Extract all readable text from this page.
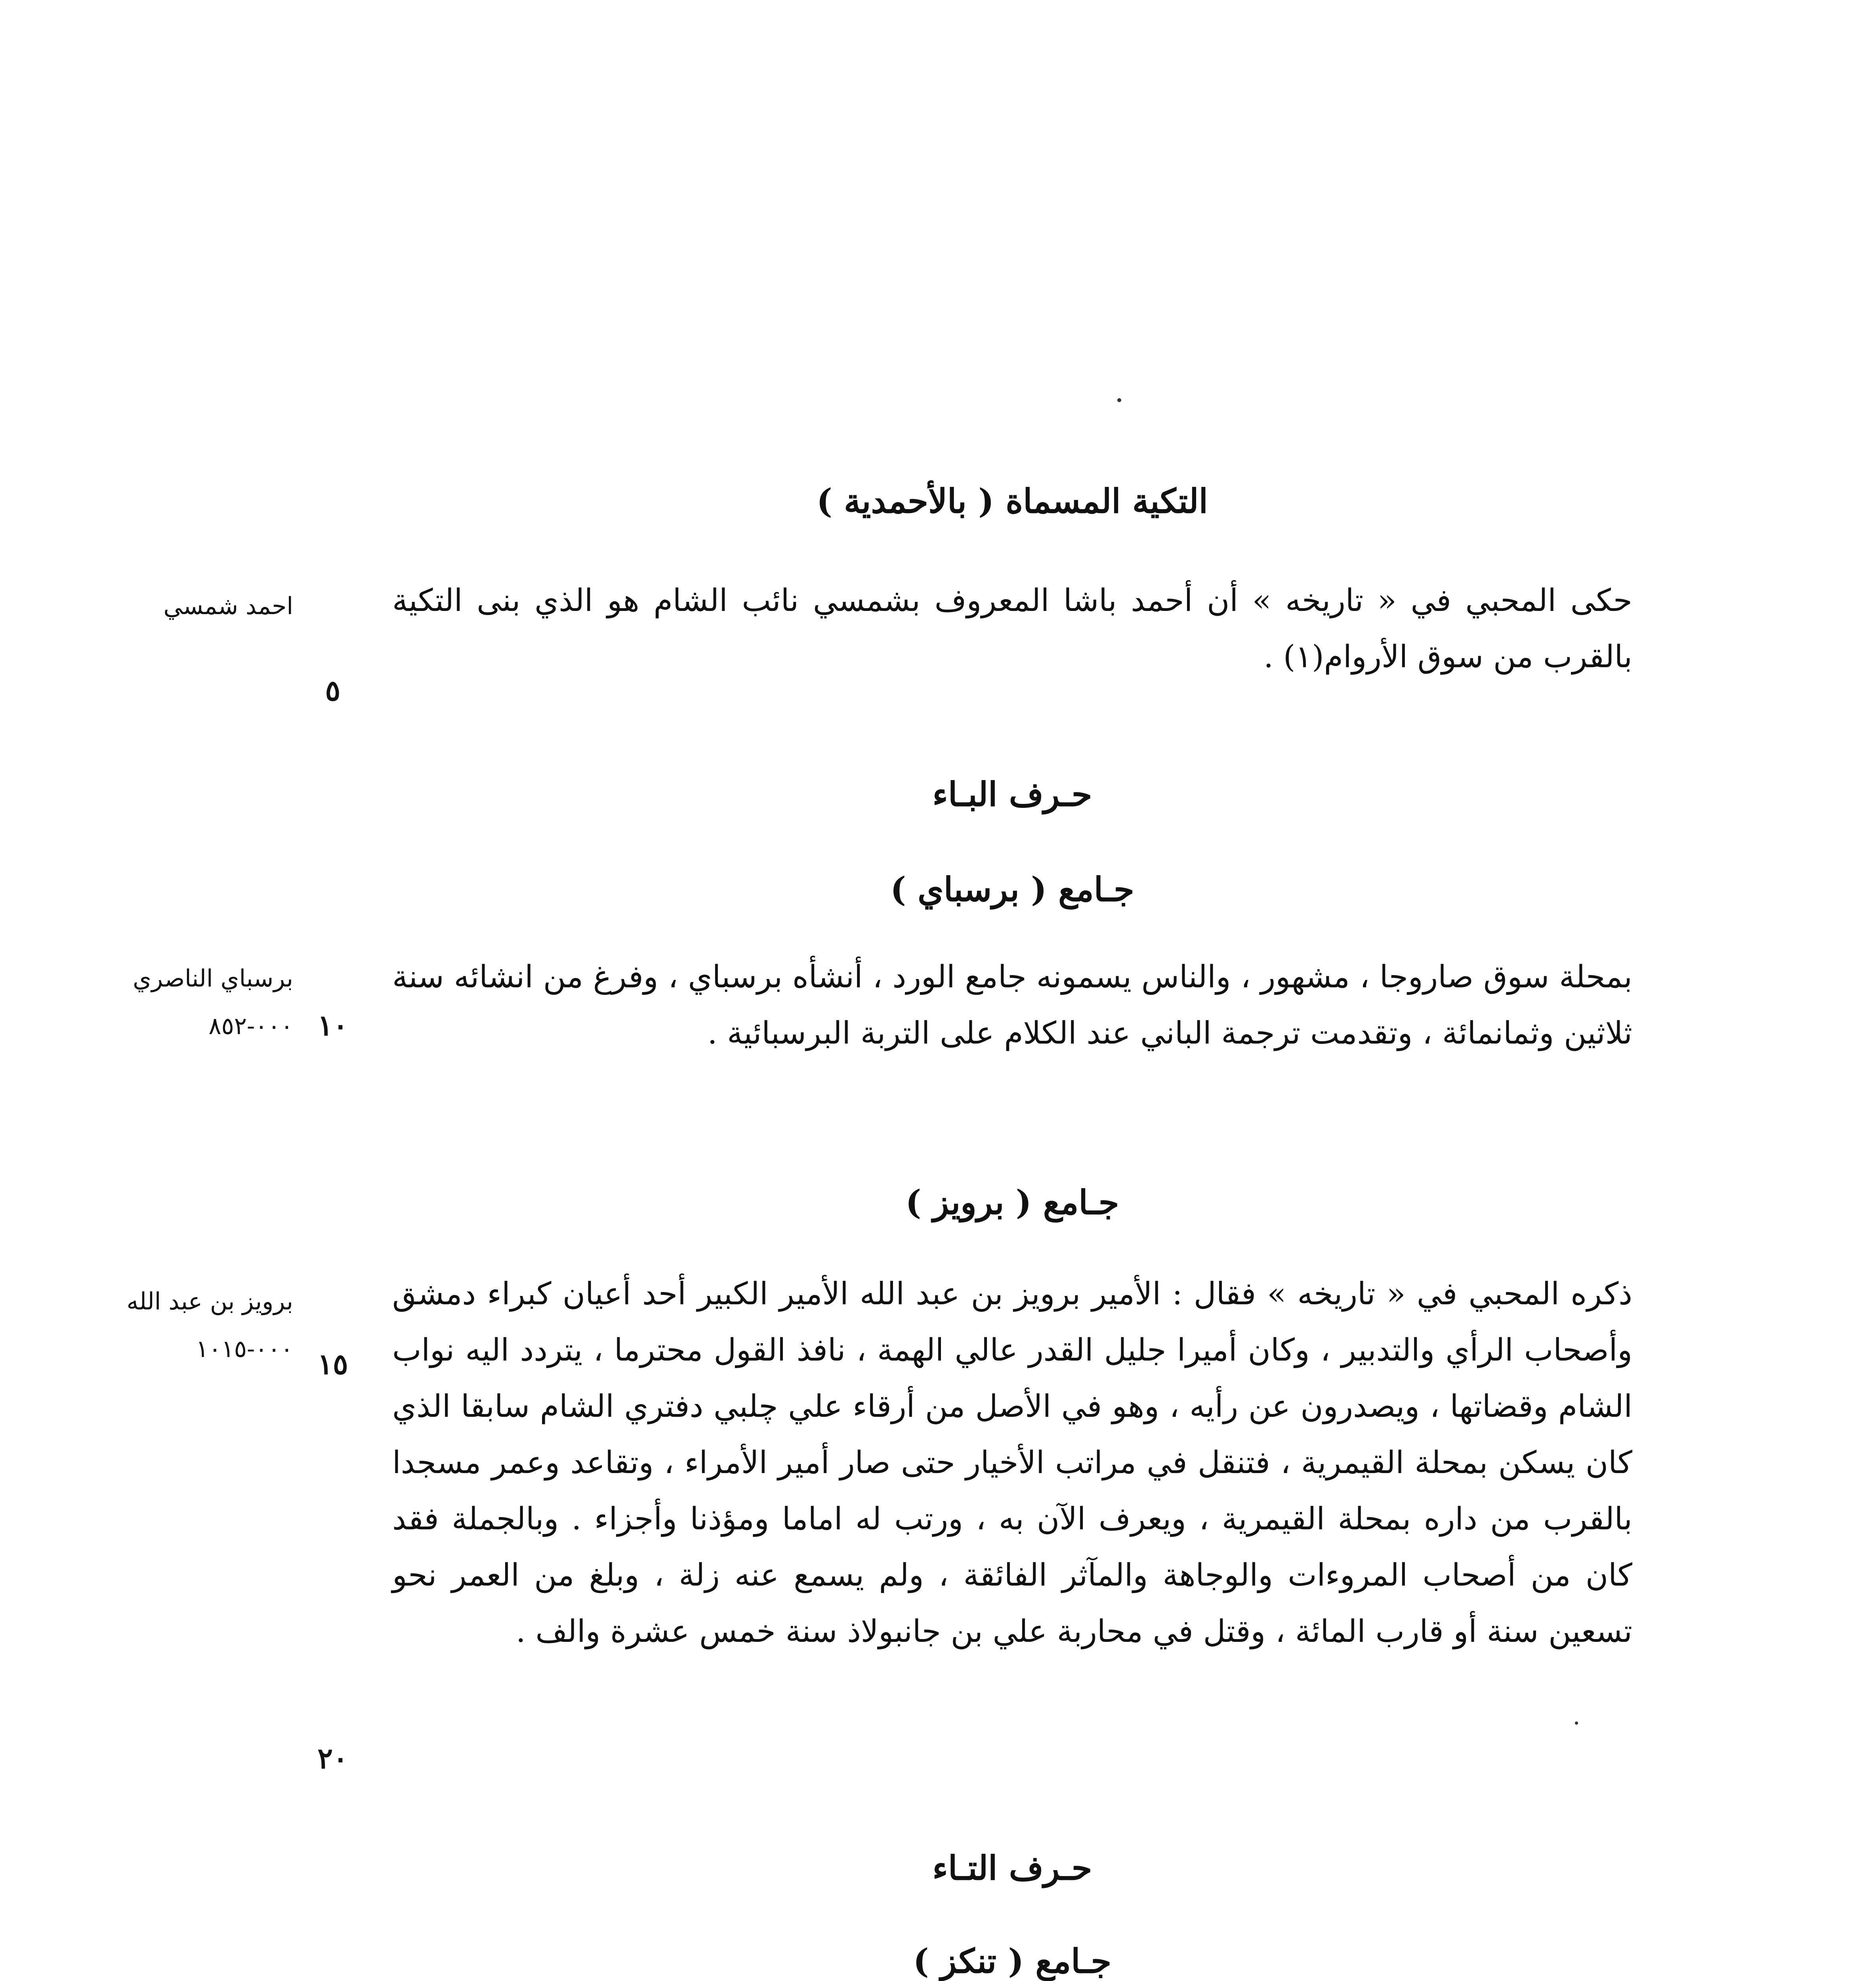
التكية المسماة ( بالأحمدية )
احمد شمسي	حكى المحبي في « تاريخه » أن أحمد باشا المعروف بشمسي نائب الشام هو الذي بنى التكية بالقرب من سوق الأروام(١) .
٥
حـرف البـاء
جـامع ( برسباي )
برسباي الناصري
٠٠٠-٨٥٢
بمحلة سوق صاروجا ، مشهور ، والناس يسمونه جامع الورد ، أنشأه برسباي ، وفرغ من انشائه سنة ثلاثين وثمانمائة ، وتقدمت ترجمة الباني عند الكلام على التربة البرسبائية .
١٠
جـامع ( برويز )
برويز بن عبد الله
٠٠٠-١٠١٥
ذكره المحبي في « تاريخه » فقال : الأمير برويز بن عبد الله الأمير الكبير أحد أعيان كبراء دمشق وأصحاب الرأي والتدبير ، وكان أميرا جليل القدر عالي الهمة ، نافذ القول محترما ، يتردد اليه نواب الشام وقضاتها ، ويصدرون عن رأيه ، وهو في الأصل من أرقاء علي چلبي دفتري الشام سابقا الذي كان يسكن بمحلة القيمرية ، فتنقل في مراتب الأخيار حتى صار أمير الأمراء ، وتقاعد وعمر مسجدا بالقرب من داره بمحلة القيمرية ، ويعرف الآن به ، ورتب له اماما ومؤذنا وأجزاء . وبالجملة فقد كان من أصحاب المروءات والوجاهة والمآثر الفائقة ، ولم يسمع عنه زلة ، وبلغ من العمر نحو تسعين سنة أو قارب المائة ، وقتل في محاربة علي بن جانبولاذ سنة خمس عشرة والف .
١٥
٢٠
حـرف التـاء
جـامع ( تنكز )
